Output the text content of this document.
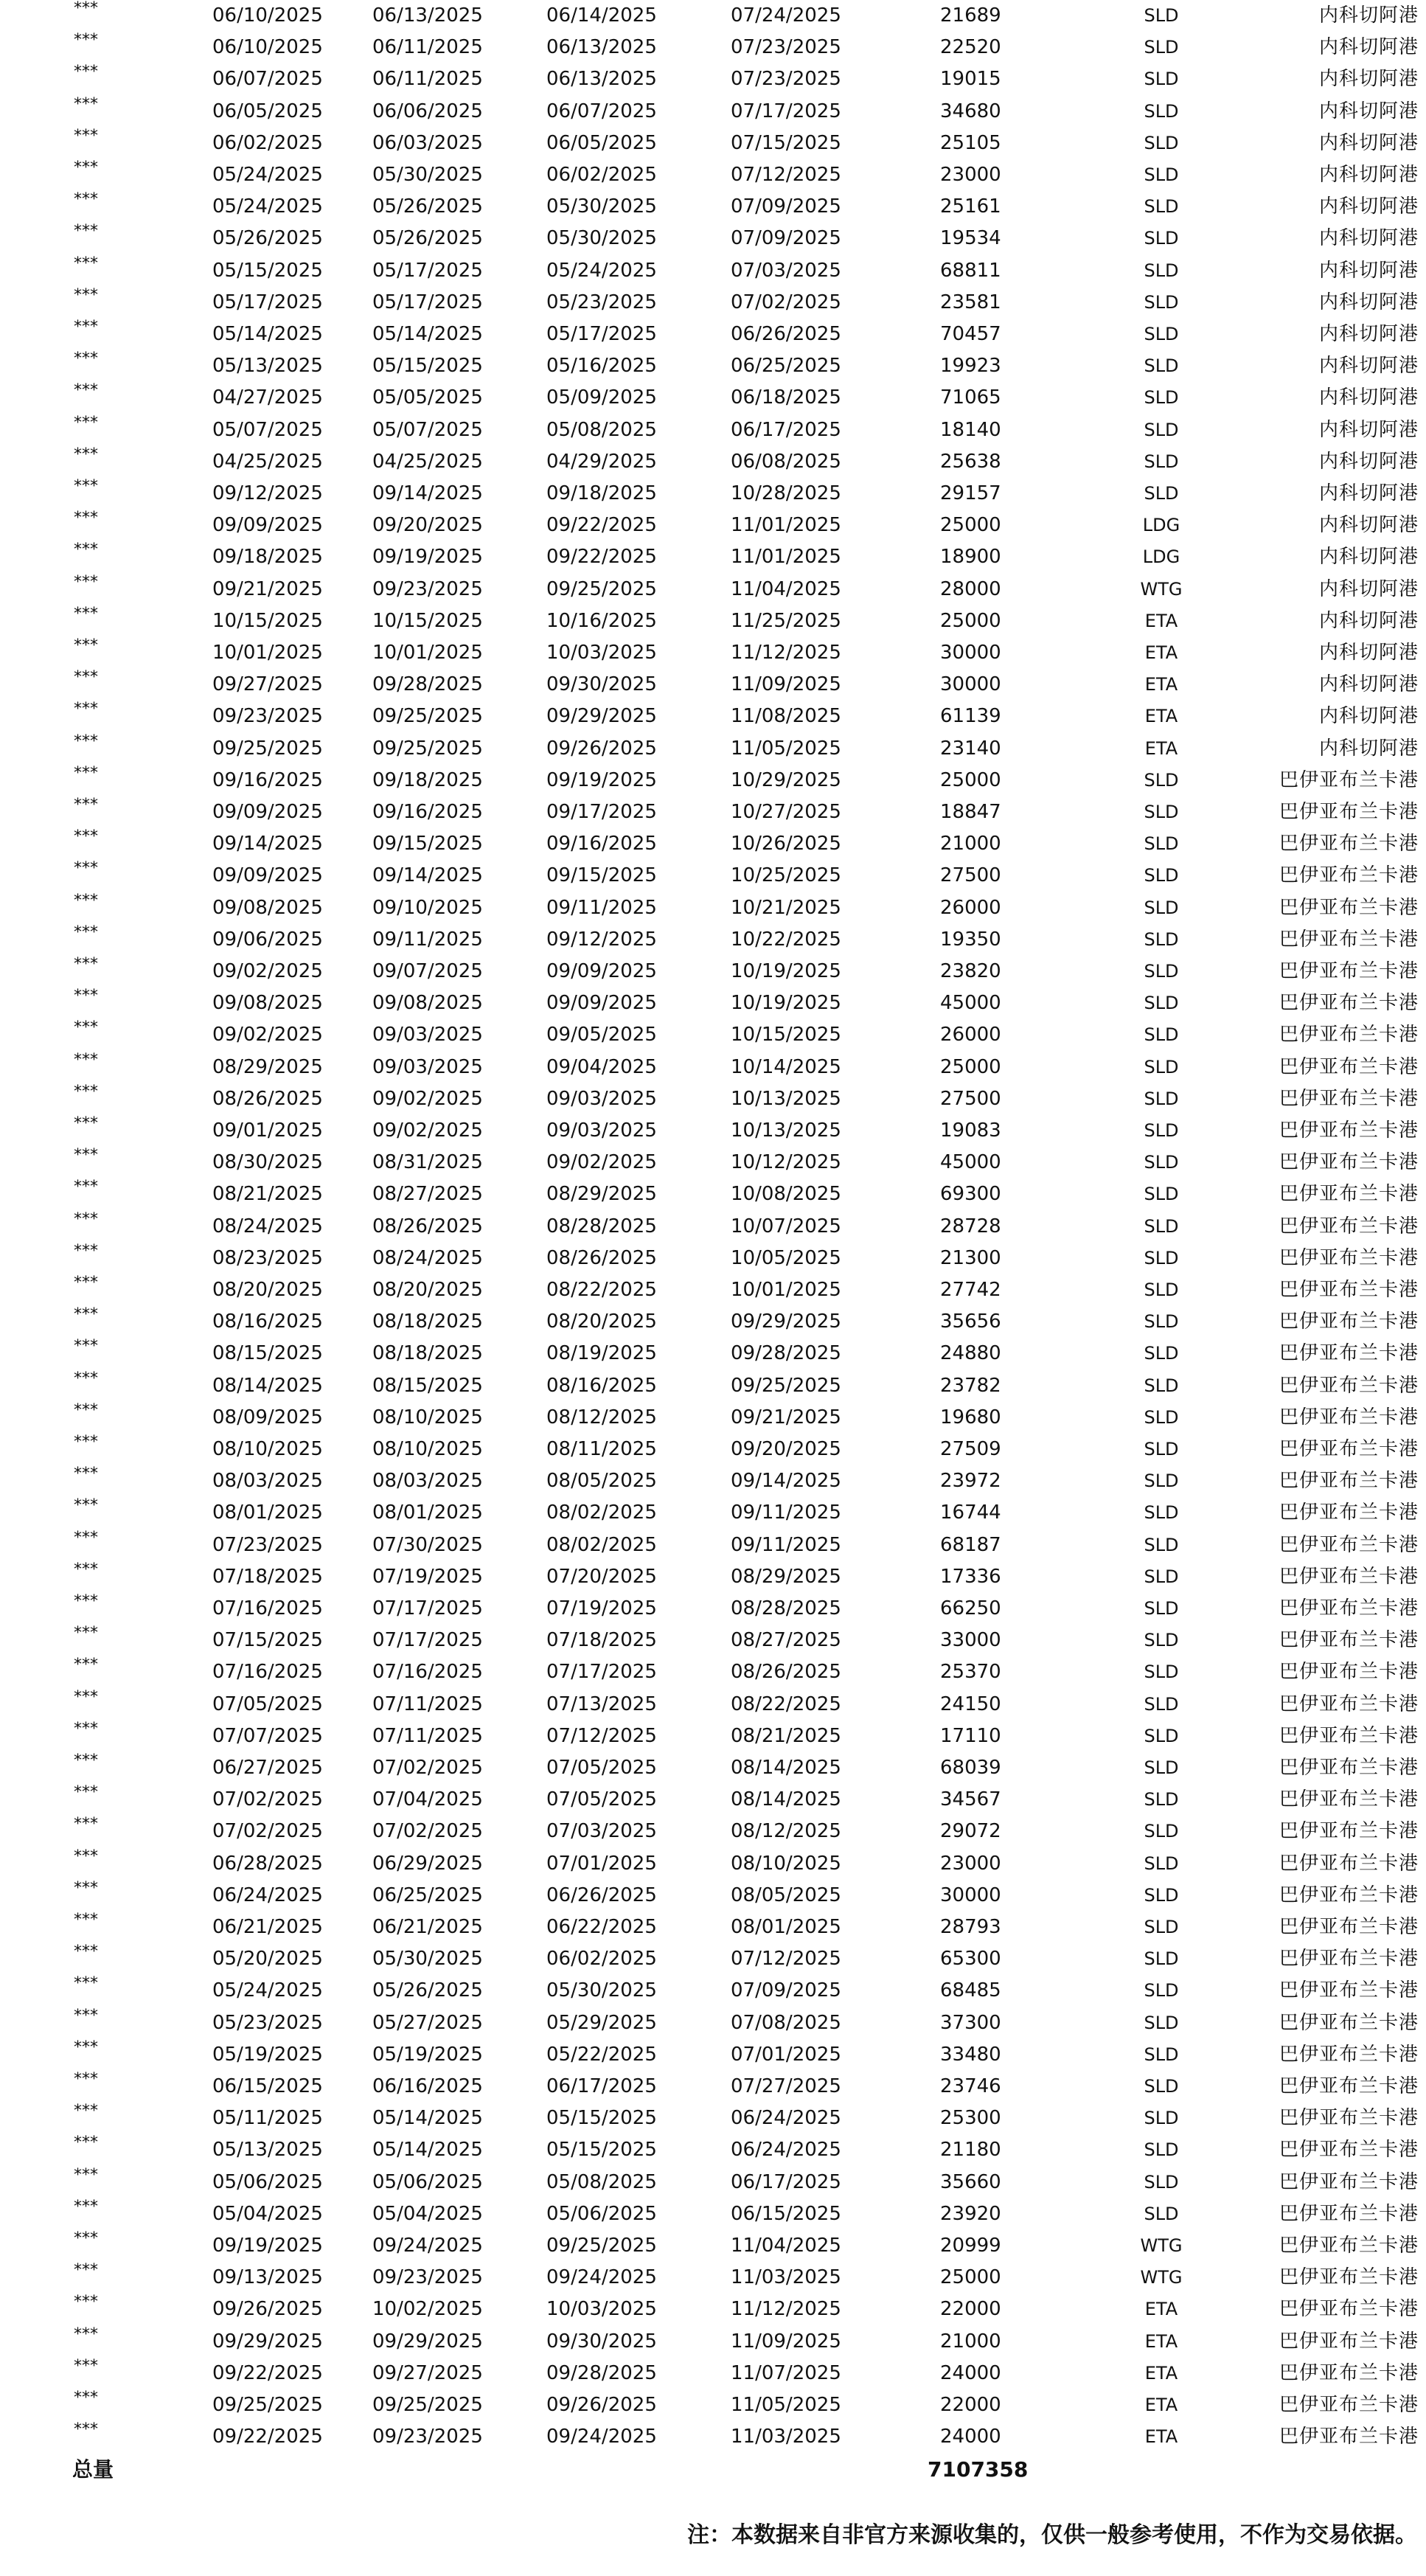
***	06/10/2025	06/13/2025	06/14/2025	07/24/2025	21689	SLD	内科切阿港
***	06/10/2025	06/11/2025	06/13/2025	07/23/2025	22520	SLD	内科切阿港
***	06/07/2025	06/11/2025	06/13/2025	07/23/2025	19015	SLD	内科切阿港
***	06/05/2025	06/06/2025	06/07/2025	07/17/2025	34680	SLD	内科切阿港
***	06/02/2025	06/03/2025	06/05/2025	07/15/2025	25105	SLD	内科切阿港
***	05/24/2025	05/30/2025	06/02/2025	07/12/2025	23000	SLD	内科切阿港
***	05/24/2025	05/26/2025	05/30/2025	07/09/2025	25161	SLD	内科切阿港
***	05/26/2025	05/26/2025	05/30/2025	07/09/2025	19534	SLD	内科切阿港
***	05/15/2025	05/17/2025	05/24/2025	07/03/2025	68811	SLD	内科切阿港
***	05/17/2025	05/17/2025	05/23/2025	07/02/2025	23581	SLD	内科切阿港
***	05/14/2025	05/14/2025	05/17/2025	06/26/2025	70457	SLD	内科切阿港
***	05/13/2025	05/15/2025	05/16/2025	06/25/2025	19923	SLD	内科切阿港
***	04/27/2025	05/05/2025	05/09/2025	06/18/2025	71065	SLD	内科切阿港
***	05/07/2025	05/07/2025	05/08/2025	06/17/2025	18140	SLD	内科切阿港
***	04/25/2025	04/25/2025	04/29/2025	06/08/2025	25638	SLD	内科切阿港
***	09/12/2025	09/14/2025	09/18/2025	10/28/2025	29157	SLD	内科切阿港
***	09/09/2025	09/20/2025	09/22/2025	11/01/2025	25000	LDG	内科切阿港
***	09/18/2025	09/19/2025	09/22/2025	11/01/2025	18900	LDG	内科切阿港
***	09/21/2025	09/23/2025	09/25/2025	11/04/2025	28000	WTG	内科切阿港
***	10/15/2025	10/15/2025	10/16/2025	11/25/2025	25000	ETA	内科切阿港
***	10/01/2025	10/01/2025	10/03/2025	11/12/2025	30000	ETA	内科切阿港
***	09/27/2025	09/28/2025	09/30/2025	11/09/2025	30000	ETA	内科切阿港
***	09/23/2025	09/25/2025	09/29/2025	11/08/2025	61139	ETA	内科切阿港
***	09/25/2025	09/25/2025	09/26/2025	11/05/2025	23140	ETA	内科切阿港
***	09/16/2025	09/18/2025	09/19/2025	10/29/2025	25000	SLD	巴伊亚布兰卡港
***	09/09/2025	09/16/2025	09/17/2025	10/27/2025	18847	SLD	巴伊亚布兰卡港
***	09/14/2025	09/15/2025	09/16/2025	10/26/2025	21000	SLD	巴伊亚布兰卡港
***	09/09/2025	09/14/2025	09/15/2025	10/25/2025	27500	SLD	巴伊亚布兰卡港
***	09/08/2025	09/10/2025	09/11/2025	10/21/2025	26000	SLD	巴伊亚布兰卡港
***	09/06/2025	09/11/2025	09/12/2025	10/22/2025	19350	SLD	巴伊亚布兰卡港
***	09/02/2025	09/07/2025	09/09/2025	10/19/2025	23820	SLD	巴伊亚布兰卡港
***	09/08/2025	09/08/2025	09/09/2025	10/19/2025	45000	SLD	巴伊亚布兰卡港
***	09/02/2025	09/03/2025	09/05/2025	10/15/2025	26000	SLD	巴伊亚布兰卡港
***	08/29/2025	09/03/2025	09/04/2025	10/14/2025	25000	SLD	巴伊亚布兰卡港
***	08/26/2025	09/02/2025	09/03/2025	10/13/2025	27500	SLD	巴伊亚布兰卡港
***	09/01/2025	09/02/2025	09/03/2025	10/13/2025	19083	SLD	巴伊亚布兰卡港
***	08/30/2025	08/31/2025	09/02/2025	10/12/2025	45000	SLD	巴伊亚布兰卡港
***	08/21/2025	08/27/2025	08/29/2025	10/08/2025	69300	SLD	巴伊亚布兰卡港
***	08/24/2025	08/26/2025	08/28/2025	10/07/2025	28728	SLD	巴伊亚布兰卡港
***	08/23/2025	08/24/2025	08/26/2025	10/05/2025	21300	SLD	巴伊亚布兰卡港
***	08/20/2025	08/20/2025	08/22/2025	10/01/2025	27742	SLD	巴伊亚布兰卡港
***	08/16/2025	08/18/2025	08/20/2025	09/29/2025	35656	SLD	巴伊亚布兰卡港
***	08/15/2025	08/18/2025	08/19/2025	09/28/2025	24880	SLD	巴伊亚布兰卡港
***	08/14/2025	08/15/2025	08/16/2025	09/25/2025	23782	SLD	巴伊亚布兰卡港
***	08/09/2025	08/10/2025	08/12/2025	09/21/2025	19680	SLD	巴伊亚布兰卡港
***	08/10/2025	08/10/2025	08/11/2025	09/20/2025	27509	SLD	巴伊亚布兰卡港
***	08/03/2025	08/03/2025	08/05/2025	09/14/2025	23972	SLD	巴伊亚布兰卡港
***	08/01/2025	08/01/2025	08/02/2025	09/11/2025	16744	SLD	巴伊亚布兰卡港
***	07/23/2025	07/30/2025	08/02/2025	09/11/2025	68187	SLD	巴伊亚布兰卡港
***	07/18/2025	07/19/2025	07/20/2025	08/29/2025	17336	SLD	巴伊亚布兰卡港
***	07/16/2025	07/17/2025	07/19/2025	08/28/2025	66250	SLD	巴伊亚布兰卡港
***	07/15/2025	07/17/2025	07/18/2025	08/27/2025	33000	SLD	巴伊亚布兰卡港
***	07/16/2025	07/16/2025	07/17/2025	08/26/2025	25370	SLD	巴伊亚布兰卡港
***	07/05/2025	07/11/2025	07/13/2025	08/22/2025	24150	SLD	巴伊亚布兰卡港
***	07/07/2025	07/11/2025	07/12/2025	08/21/2025	17110	SLD	巴伊亚布兰卡港
***	06/27/2025	07/02/2025	07/05/2025	08/14/2025	68039	SLD	巴伊亚布兰卡港
***	07/02/2025	07/04/2025	07/05/2025	08/14/2025	34567	SLD	巴伊亚布兰卡港
***	07/02/2025	07/02/2025	07/03/2025	08/12/2025	29072	SLD	巴伊亚布兰卡港
***	06/28/2025	06/29/2025	07/01/2025	08/10/2025	23000	SLD	巴伊亚布兰卡港
***	06/24/2025	06/25/2025	06/26/2025	08/05/2025	30000	SLD	巴伊亚布兰卡港
***	06/21/2025	06/21/2025	06/22/2025	08/01/2025	28793	SLD	巴伊亚布兰卡港
***	05/20/2025	05/30/2025	06/02/2025	07/12/2025	65300	SLD	巴伊亚布兰卡港
***	05/24/2025	05/26/2025	05/30/2025	07/09/2025	68485	SLD	巴伊亚布兰卡港
***	05/23/2025	05/27/2025	05/29/2025	07/08/2025	37300	SLD	巴伊亚布兰卡港
***	05/19/2025	05/19/2025	05/22/2025	07/01/2025	33480	SLD	巴伊亚布兰卡港
***	06/15/2025	06/16/2025	06/17/2025	07/27/2025	23746	SLD	巴伊亚布兰卡港
***	05/11/2025	05/14/2025	05/15/2025	06/24/2025	25300	SLD	巴伊亚布兰卡港
***	05/13/2025	05/14/2025	05/15/2025	06/24/2025	21180	SLD	巴伊亚布兰卡港
***	05/06/2025	05/06/2025	05/08/2025	06/17/2025	35660	SLD	巴伊亚布兰卡港
***	05/04/2025	05/04/2025	05/06/2025	06/15/2025	23920	SLD	巴伊亚布兰卡港
***	09/19/2025	09/24/2025	09/25/2025	11/04/2025	20999	WTG	巴伊亚布兰卡港
***	09/13/2025	09/23/2025	09/24/2025	11/03/2025	25000	WTG	巴伊亚布兰卡港
***	09/26/2025	10/02/2025	10/03/2025	11/12/2025	22000	ETA	巴伊亚布兰卡港
***	09/29/2025	09/29/2025	09/30/2025	11/09/2025	21000	ETA	巴伊亚布兰卡港
***	09/22/2025	09/27/2025	09/28/2025	11/07/2025	24000	ETA	巴伊亚布兰卡港
***	09/25/2025	09/25/2025	09/26/2025	11/05/2025	22000	ETA	巴伊亚布兰卡港
***	09/22/2025	09/23/2025	09/24/2025	11/03/2025	24000	ETA	巴伊亚布兰卡港
总量	7107358
注：本数据来自非官方来源收集的，仅供一般参考使用，不作为交易依据。
